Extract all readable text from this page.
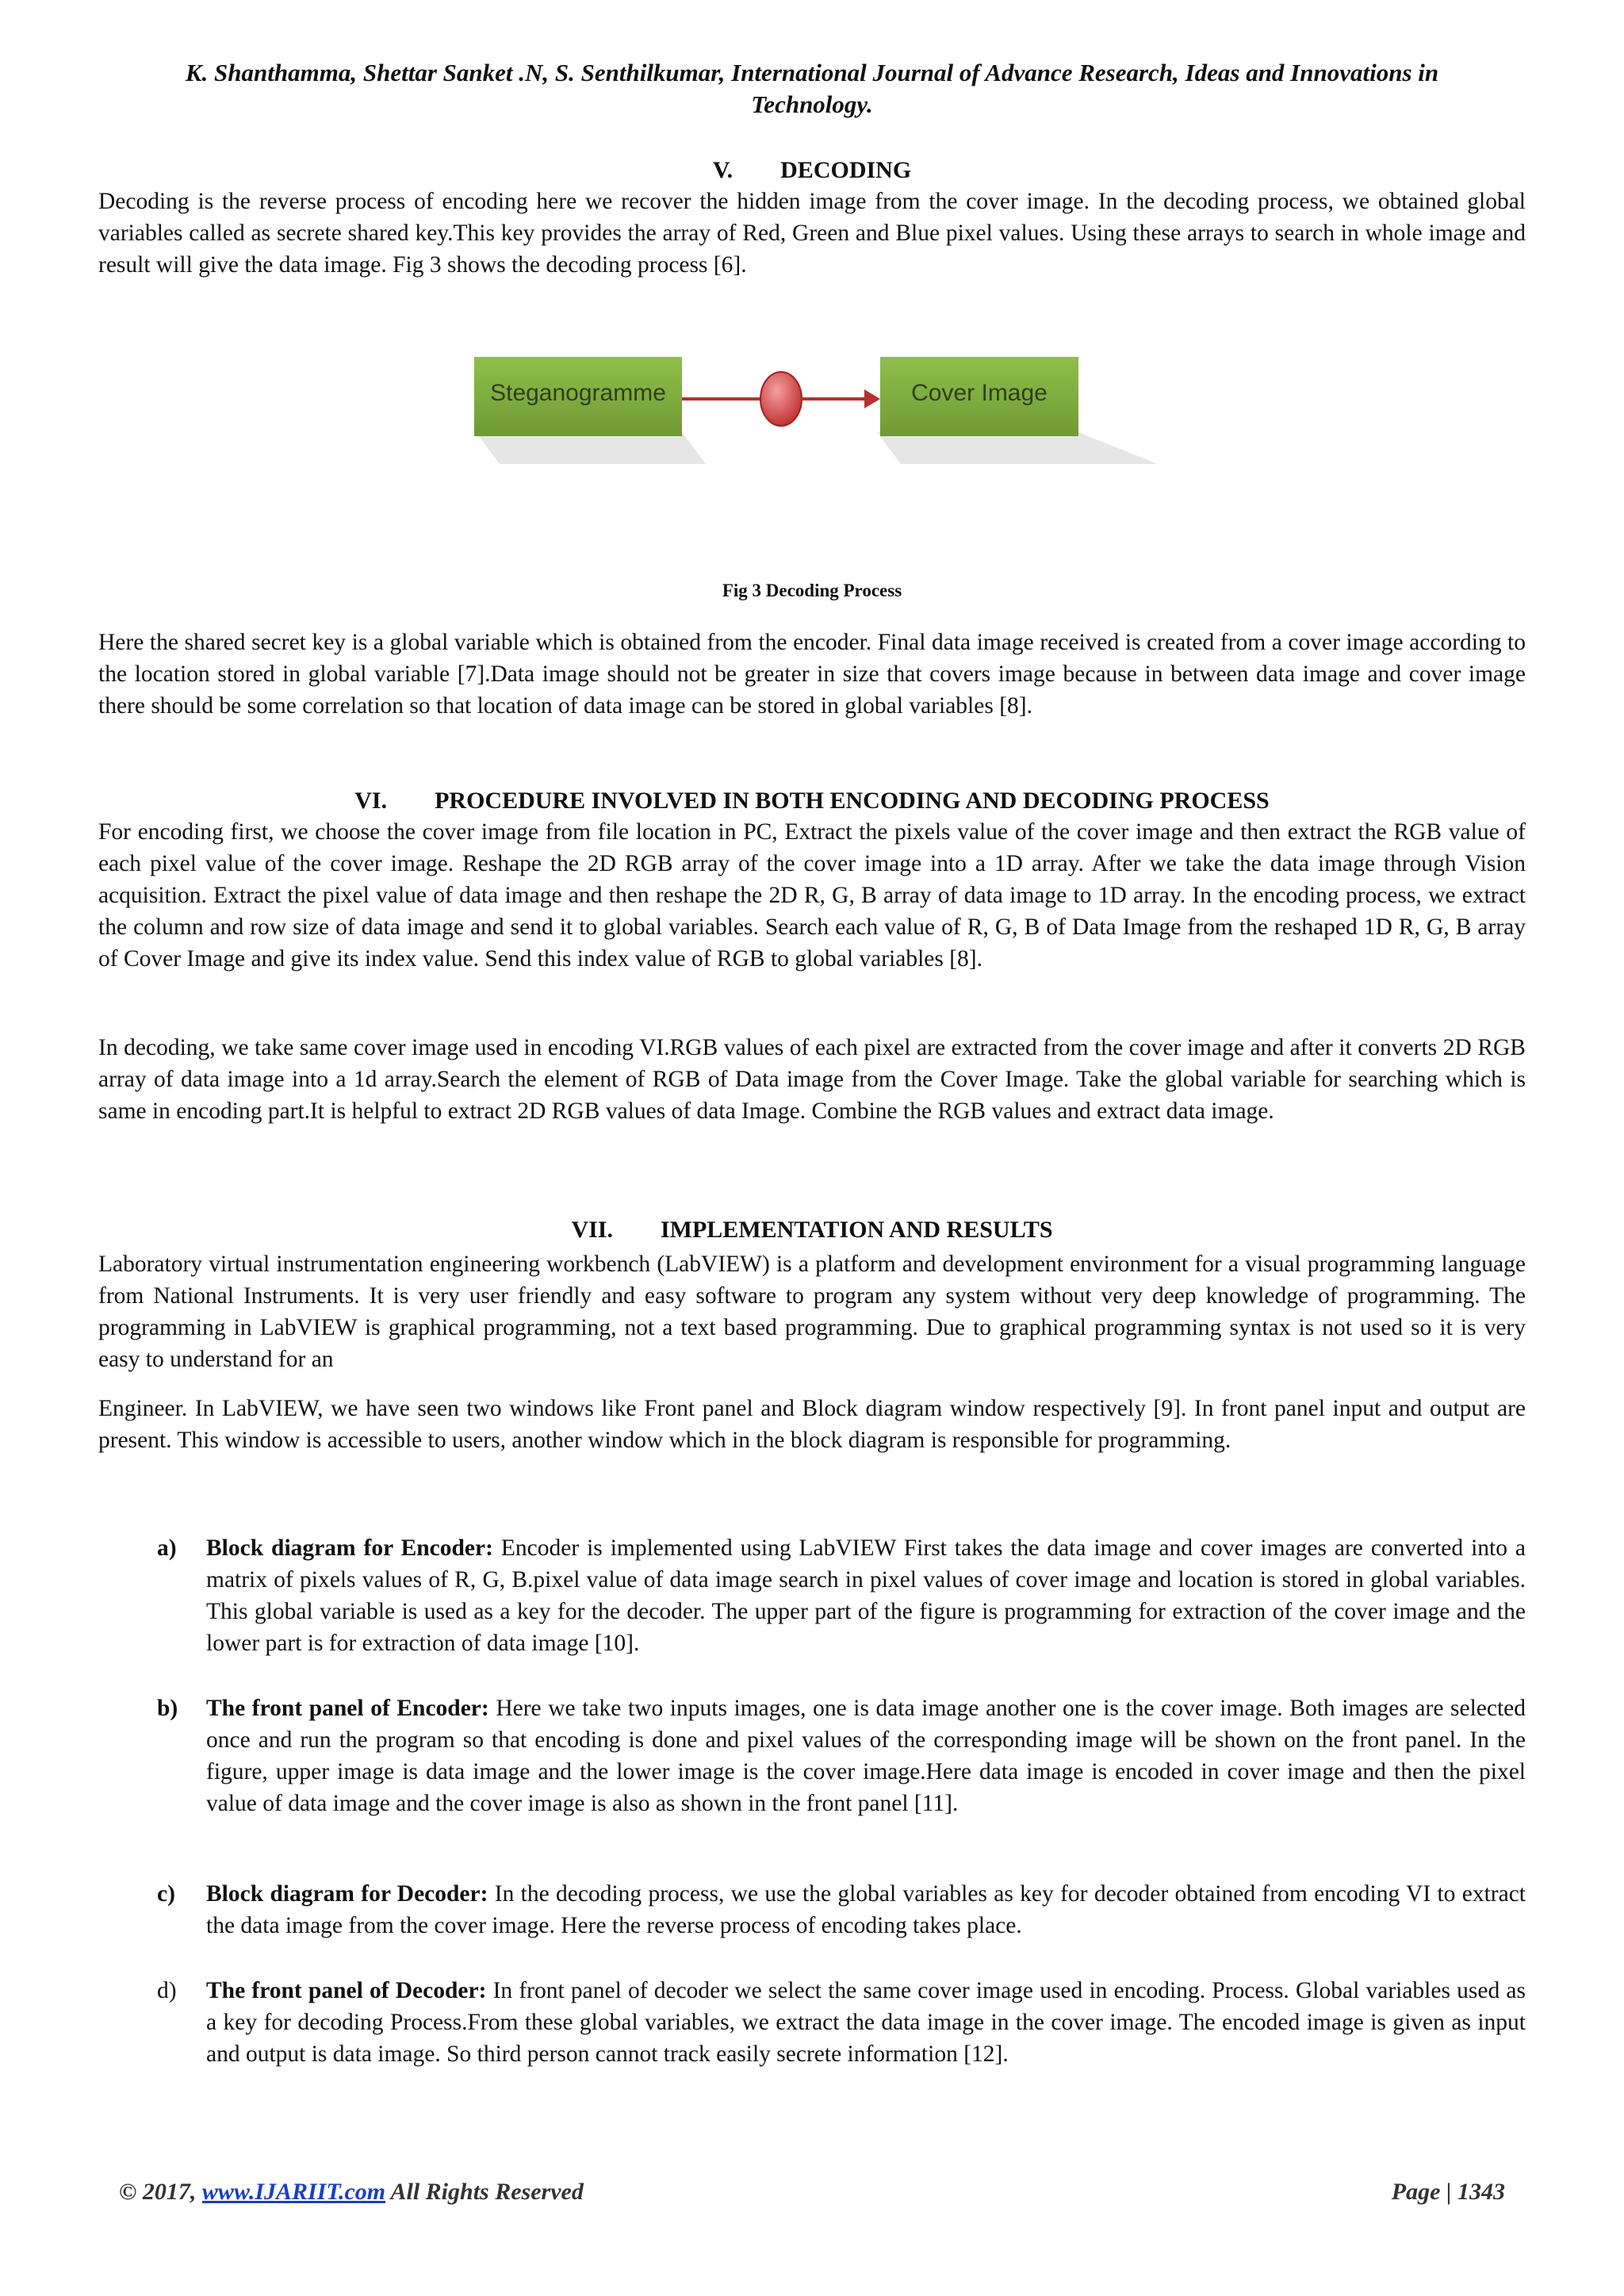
K. Shanthamma, Shettar Sanket .N, S. Senthilkumar, International Journal of Advance Research, Ideas and Innovations in
Technology.
V. DECODING
Decoding is the reverse process of encoding here we recover the hidden image from the cover image. In the decoding process, we obtained global variables called as secrete shared key.This key provides the array of Red, Green and Blue pixel values. Using these arrays to search in whole image and result will give the data image. Fig 3 shows the decoding process [6].
Steganogramme	Cover Image
Fig 3 Decoding Process
Here the shared secret key is a global variable which is obtained from the encoder. Final data image received is created from a cover image according to the location stored in global variable [7].Data image should not be greater in size that covers image because in between data image and cover image there should be some correlation so that location of data image can be stored in global variables [8].
VI. PROCEDURE INVOLVED IN BOTH ENCODING AND DECODING PROCESS
For encoding first, we choose the cover image from file location in PC, Extract the pixels value of the cover image and then extract the RGB value of each pixel value of the cover image. Reshape the 2D RGB array of the cover image into a 1D array. After we take the data image through Vision acquisition. Extract the pixel value of data image and then reshape the 2D R, G, B array of data image to 1D array. In the encoding process, we extract the column and row size of data image and send it to global variables. Search each value of R, G, B of Data Image from the reshaped 1D R, G, B array of Cover Image and give its index value. Send this index value of RGB to global variables [8].
In decoding, we take same cover image used in encoding VI.RGB values of each pixel are extracted from the cover image and after it converts 2D RGB array of data image into a 1d array.Search the element of RGB of Data image from the Cover Image. Take the global variable for searching which is same in encoding part.It is helpful to extract 2D RGB values of data Image. Combine the RGB values and extract data image.
VII. IMPLEMENTATION AND RESULTS
Laboratory virtual instrumentation engineering workbench (LabVIEW) is a platform and development environment for a visual programming language from National Instruments. It is very user friendly and easy software to program any system without very deep knowledge of programming. The programming in LabVIEW is graphical programming, not a text based programming. Due to graphical programming syntax is not used so it is very easy to understand for an
Engineer. In LabVIEW, we have seen two windows like Front panel and Block diagram window respectively [9]. In front panel input and output are present. This window is accessible to users, another window which in the block diagram is responsible for programming.
a) Block diagram for Encoder: Encoder is implemented using LabVIEW First takes the data image and cover images are converted into a matrix of pixels values of R, G, B.pixel value of data image search in pixel values of cover image and location is stored in global variables. This global variable is used as a key for the decoder. The upper part of the figure is programming for extraction of the cover image and the lower part is for extraction of data image [10].
b) The front panel of Encoder: Here we take two inputs images, one is data image another one is the cover image. Both images are selected once and run the program so that encoding is done and pixel values of the corresponding image will be shown on the front panel. In the figure, upper image is data image and the lower image is the cover image.Here data image is encoded in cover image and then the pixel value of data image and the cover image is also as shown in the front panel [11].
c) Block diagram for Decoder: In the decoding process, we use the global variables as key for decoder obtained from encoding VI to extract the data image from the cover image. Here the reverse process of encoding takes place.
d) The front panel of Decoder: In front panel of decoder we select the same cover image used in encoding. Process. Global variables used as a key for decoding Process.From these global variables, we extract the data image in the cover image. The encoded image is given as input and output is data image. So third person cannot track easily secrete information [12].
© 2017, www.IJARIIT.com All Rights Reserved	Page | 1343
